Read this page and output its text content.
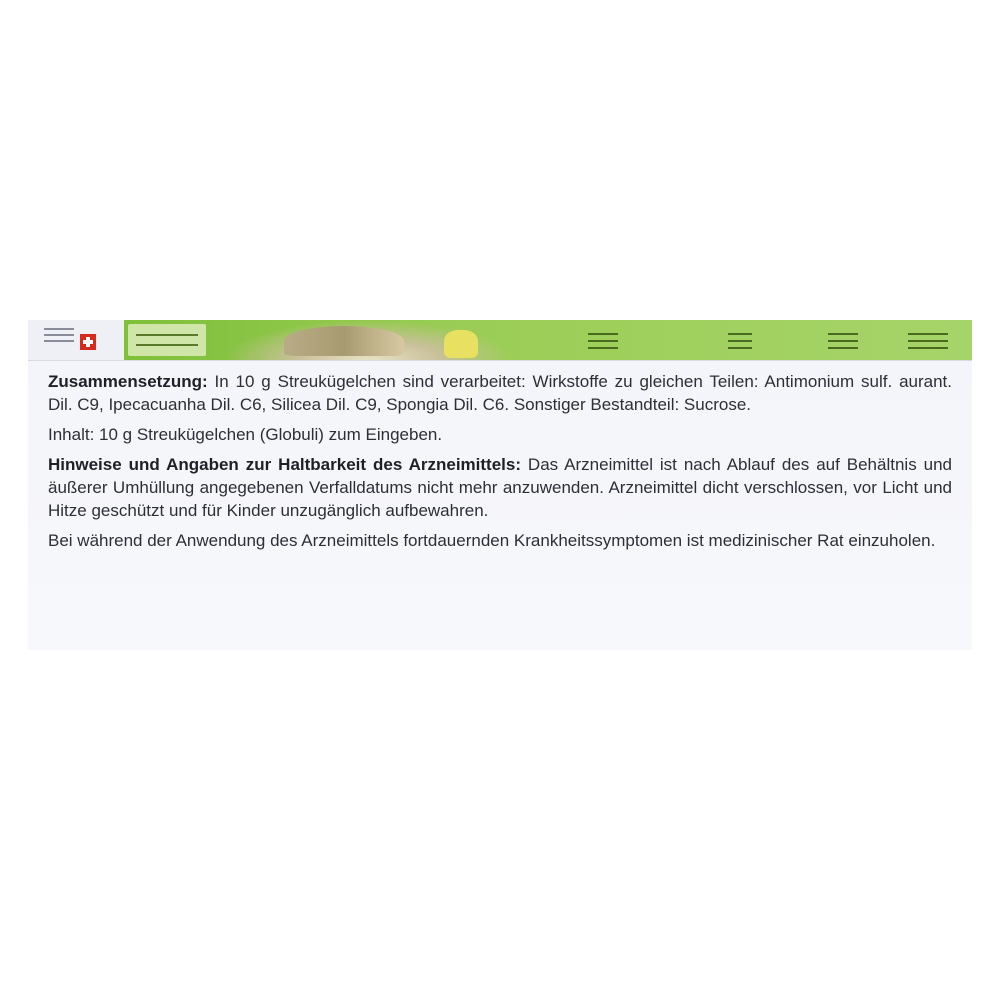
Zusammensetzung: In 10 g Streukügelchen sind verarbeitet: Wirkstoffe zu gleichen Teilen: Antimonium sulf. aurant. Dil. C9, Ipecacuanha Dil. C6, Silicea Dil. C9, Spongia Dil. C6. Sonstiger Bestandteil: Sucrose.

Inhalt: 10 g Streukügelchen (Globuli) zum Eingeben.

Hinweise und Angaben zur Haltbarkeit des Arzneimittels: Das Arzneimittel ist nach Ablauf des auf Behältnis und äußerer Umhüllung angegebenen Verfalldatums nicht mehr anzuwenden. Arzneimittel dicht verschlossen, vor Licht und Hitze geschützt und für Kinder unzugänglich aufbewahren.

Bei während der Anwendung des Arzneimittels fortdauernden Krankheitssymptomen ist medizinischer Rat einzuholen.
